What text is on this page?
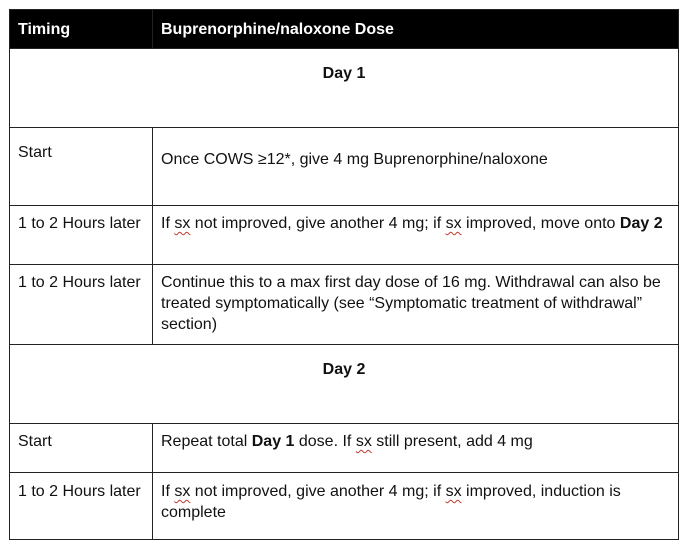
Timing	Buprenorphine/naloxone Dose
Day 1	
Start	Once COWS ≥12*, give 4 mg Buprenorphine/naloxone
1 to 2 Hours later	If sx not improved, give another 4 mg; if sx improved, move onto Day 2
1 to 2 Hours later	Continue this to a max first day dose of 16 mg. Withdrawal can also be treated symptomatically (see “Symptomatic treatment of withdrawal” section)
Day 2	
Start	Repeat total Day 1 dose. If sx still present, add 4 mg
1 to 2 Hours later	If sx not improved, give another 4 mg; if sx improved, induction is complete
